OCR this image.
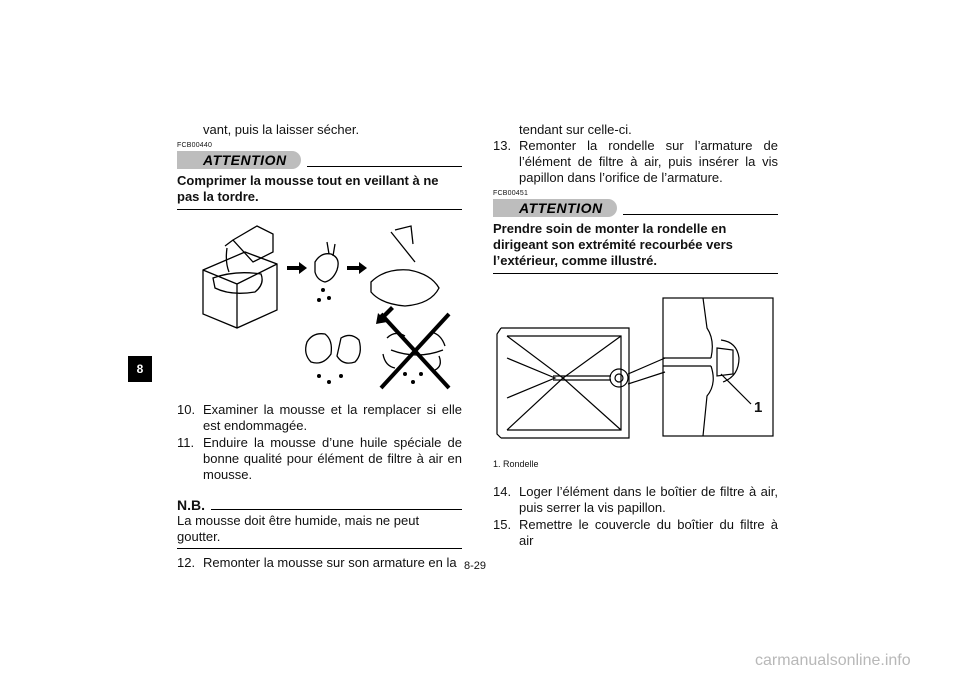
8
vant, puis la laisser sécher.
FCB00440
ATTENTION
Comprimer la mousse tout en veillant à ne pas la tordre.
10. Examiner la mousse et la remplacer si elle est endommagée.
11. Enduire la mousse d’une huile spéciale de bonne qualité pour élément de filtre à air en mousse.
N.B.
La mousse doit être humide, mais ne peut goutter.
12. Remonter la mousse sur son armature en la
tendant sur celle-ci.
13. Remonter la rondelle sur l’armature de l’élément de filtre à air, puis insérer la vis papillon dans l’orifice de l’armature.
FCB00451
ATTENTION
Prendre soin de monter la rondelle en dirigeant son extrémité recourbée vers l’extérieur, comme illustré.
1
1. Rondelle
14. Loger l’élément dans le boîtier de filtre à air, puis serrer la vis papillon.
15. Remettre le couvercle du boîtier du filtre à air
8-29
carmanualsonline.info
